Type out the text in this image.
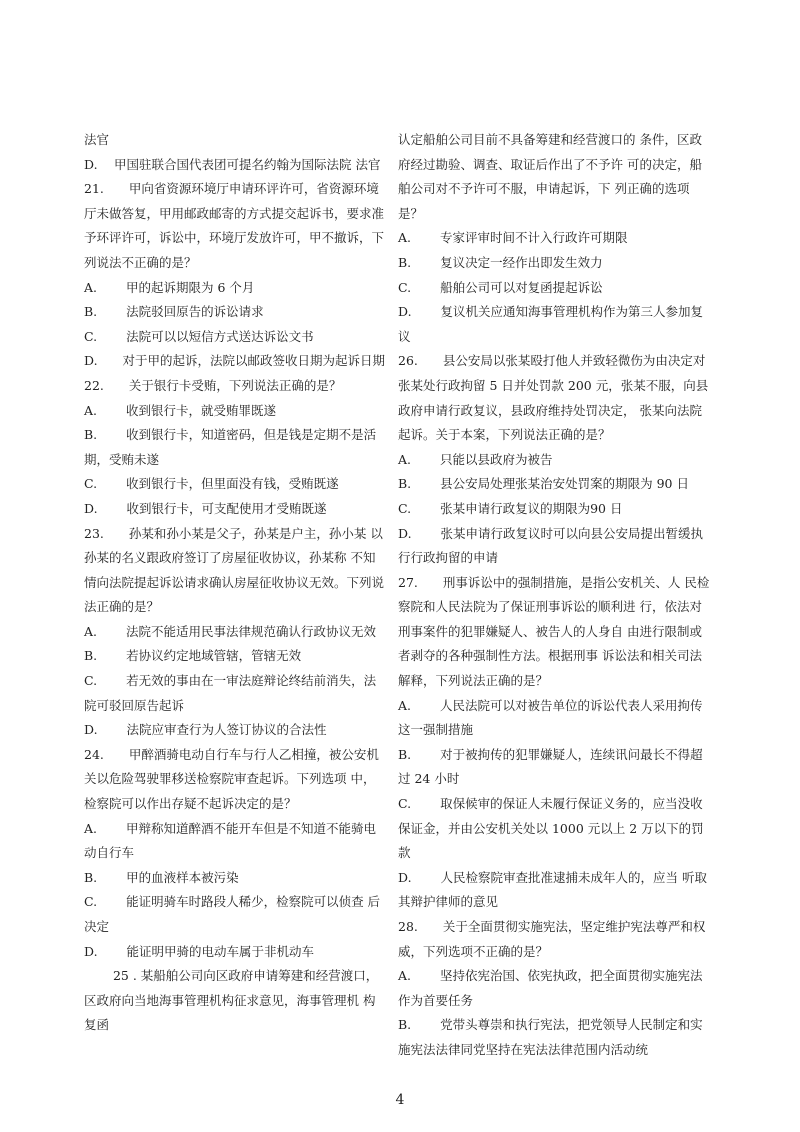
法官

D.　 甲国驻联合国代表团可提名约翰为国际法院 法官

21.　　甲向省资源环境厅申请环评许可，省资源环境厅未做答复，甲用邮政邮寄的方式提交起诉书，要求准予环评许可，诉讼中，环境厅发放许可，甲不撤诉，下列说法不正确的是？

A.　　 甲的起诉期限为 6 个月

B.　　 法院驳回原告的诉讼请求

C.　　 法院可以以短信方式送达诉讼文书

D.　　对于甲的起诉，法院以邮政签收日期为起诉日期

22.　　关于银行卡受贿，下列说法正确的是？

A.　　 收到银行卡，就受贿罪既遂

B.　　 收到银行卡，知道密码，但是钱是定期不是活期，受贿未遂

C.　　 收到银行卡，但里面没有钱，受贿既遂

D.　　 收到银行卡，可支配使用才受贿既遂

23.　　孙某和孙小某是父子，孙某是户主，孙小某 以孙某的名义跟政府签订了房屋征收协议，孙某称 不知情向法院提起诉讼请求确认房屋征收协议无效。下列说法正确的是？

A.　　 法院不能适用民事法律规范确认行政协议无效

B.　　 若协议约定地域管辖，管辖无效

C.　　 若无效的事由在一审法庭辩论终结前消失，法院可驳回原告起诉

D.　　 法院应审查行为人签订协议的合法性

24.　　甲醉酒骑电动自行车与行人乙相撞，被公安机关以危险驾驶罪移送检察院审查起诉。下列选项 中，检察院可以作出存疑不起诉决定的是？

A.　　 甲辩称知道醉酒不能开车但是不知道不能骑电动自行车

B.　　 甲的血液样本被污染

C.　　 能证明骑车时路段人稀少，检察院可以侦查 后决定

D.　　 能证明甲骑的电动车属于非机动车

　　 25 . 某船舶公司向区政府申请筹建和经营渡口，区政府向当地海事管理机构征求意见，海事管理机 构复函

认定船舶公司目前不具备筹建和经营渡口的 条件，区政府经过勘验、调查、取证后作出了不予许 可的决定，船舶公司对不予许可不服，申请起诉，下 列正确的选项是？

A.　　 专家评审时间不计入行政许可期限

B.　　 复议决定一经作出即发生效力

C.　　 船舶公司可以对复函提起诉讼

D.　　 复议机关应通知海事管理机构作为第三人参加复议

26.　　县公安局以张某殴打他人并致轻微伤为由决定对张某处行政拘留 5 日并处罚款 200 元，张某不服，向县政府申请行政复议，县政府维持处罚决定， 张某向法院起诉。关于本案，下列说法正确的是？

A.　　 只能以县政府为被告

B.　　 县公安局处理张某治安处罚案的期限为 90 日

C.　　 张某申请行政复议的期限为90 日

D.　　 张某申请行政复议时可以向县公安局提出暂缓执行行政拘留的申请

27.　　刑事诉讼中的强制措施，是指公安机关、人 民检察院和人民法院为了保证刑事诉讼的顺利进 行，依法对刑事案件的犯罪嫌疑人、被告人的人身自 由进行限制或者剥夺的各种强制性方法。根据刑事 诉讼法和相关司法解释，下列说法正确的是？

A.　　 人民法院可以对被告单位的诉讼代表人采用拘传这一强制措施

B.　　 对于被拘传的犯罪嫌疑人，连续讯问最长不得超过 24 小时

C.　　 取保候审的保证人未履行保证义务的，应当没收保证金，并由公安机关处以 1000 元以上 2 万以下的罚款

D.　　 人民检察院审查批准逮捕未成年人的，应当 听取其辩护律师的意见

28.　　关于全面贯彻实施宪法，坚定维护宪法尊严和权威，下列选项不正确的是？

A.　　 坚持依宪治国、依宪执政，把全面贯彻实施宪法作为首要任务

B.　　 党带头尊崇和执行宪法，把党领导人民制定和实施宪法法律同党坚持在宪法法律范围内活动统

4
